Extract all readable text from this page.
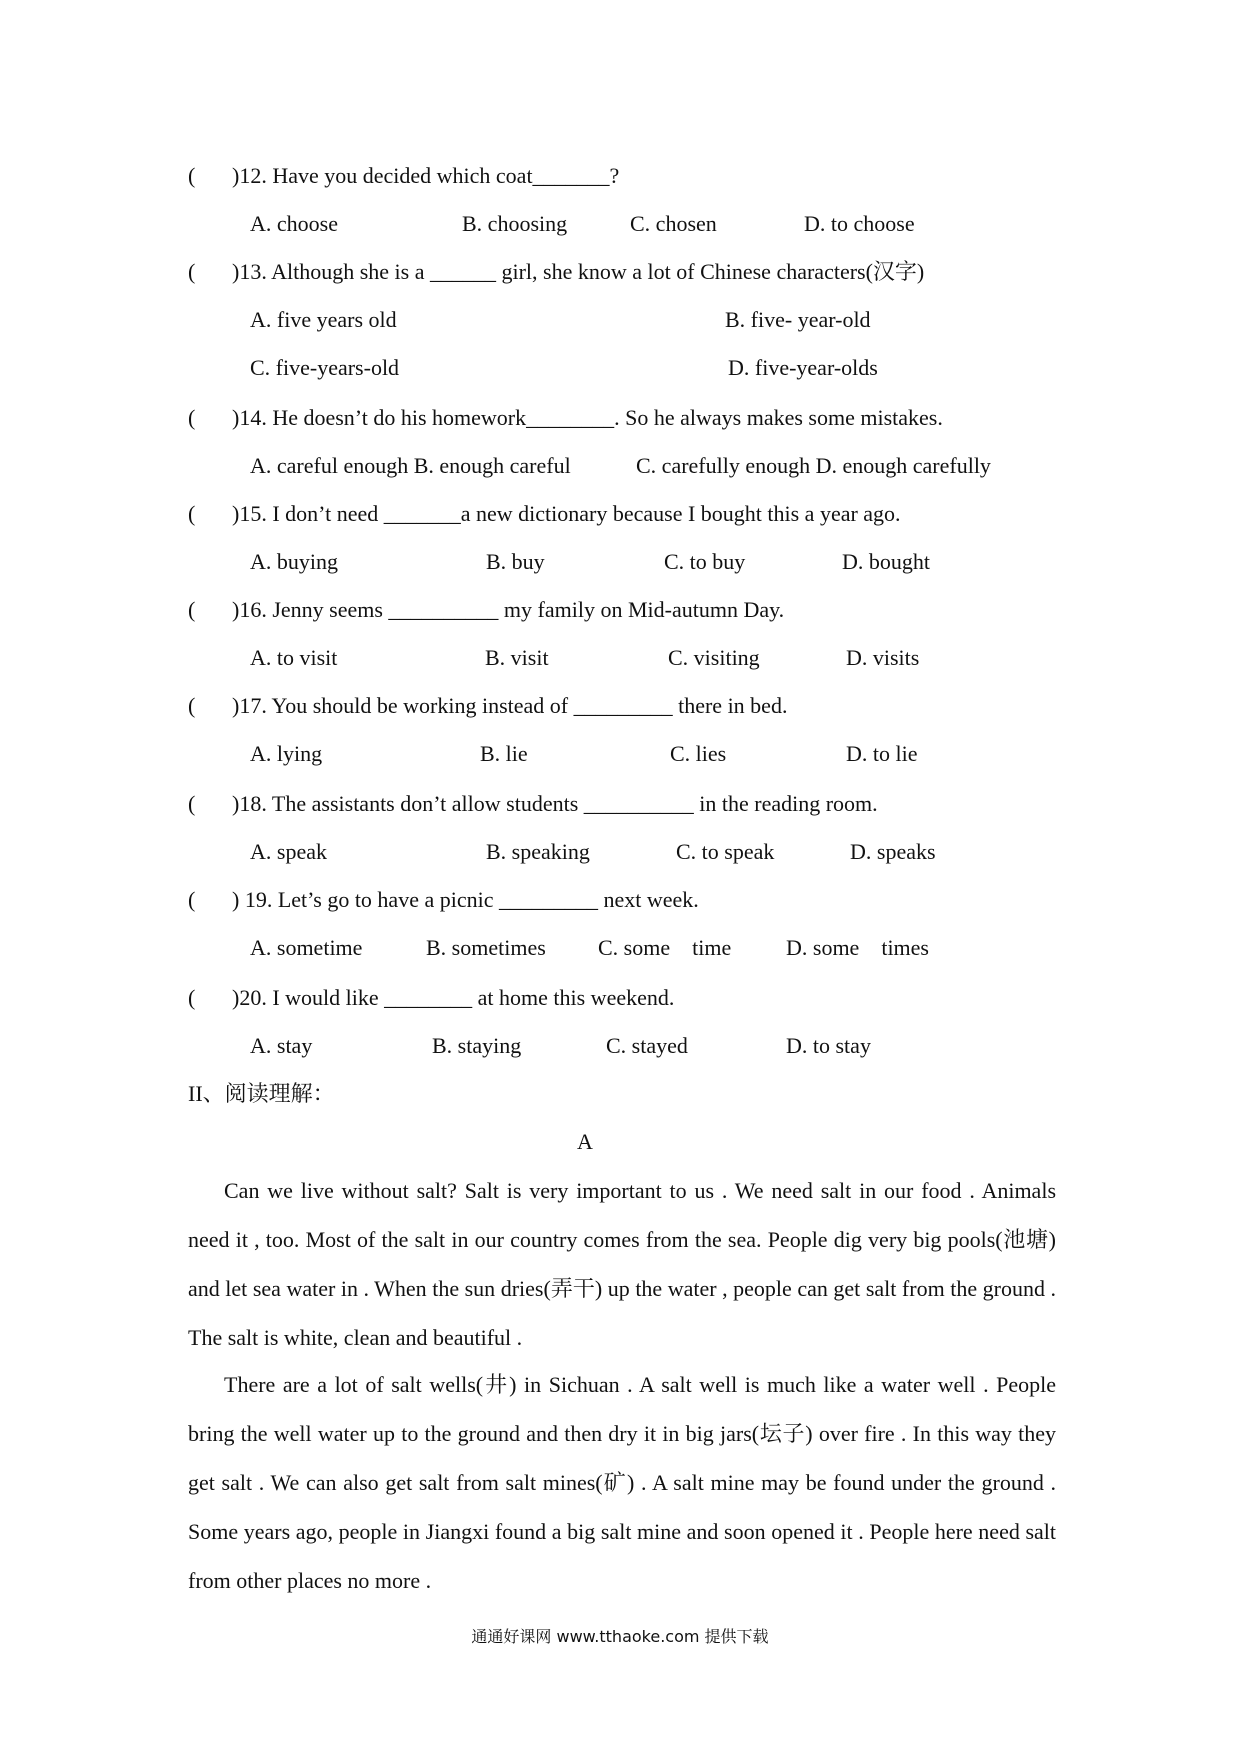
( )12. Have you decided which coat_______?
A. choose	B. choosing	C. chosen	D. to choose
( )13. Although she is a ______ girl, she know a lot of Chinese characters(汉字)
A. five years old	B. five- year-old
C. five-years-old	D. five-year-olds
( )14. He doesn’t do his homework________. So he always makes some mistakes.
A. careful enough B. enough careful	C. carefully enough D. enough carefully
( )15. I don’t need _______a new dictionary because I bought this a year ago.
A. buying	B. buy	C. to buy	D. bought
( )16. Jenny seems __________ my family on Mid-autumn Day.
A. to visit	B. visit	C. visiting	D. visits
( )17. You should be working instead of _________ there in bed.
A. lying	B. lie	C. lies	D. to lie
( )18. The assistants don’t allow students __________ in the reading room.
A. speak	B. speaking	C. to speak	D. speaks
( ) 19. Let’s go to have a picnic _________ next week.
A. sometime	B. sometimes C. some    time D. some    times
( )20. I would like ________ at home this weekend.
A. stay	B. staying	C. stayed	D. to stay
II、阅读理解：
A
Can we live without salt? Salt is very important to us . We need salt in our food . Animals need it , too. Most of the salt in our country comes from the sea. People dig very big pools(池塘) and let sea water in . When the sun dries(弄干) up the water , people can get salt from the ground . The salt is white, clean and beautiful .
There are a lot of salt wells(井) in Sichuan . A salt well is much like a water well . People bring the well water up to the ground and then dry it in big jars(坛子) over fire . In this way they get salt . We can also get salt from salt mines(矿) . A salt mine may be found under the ground . Some years ago, people in Jiangxi found a big salt mine and soon opened it . People here need salt from other places no more .
通通好课网 www.tthaoke.com 提供下载
